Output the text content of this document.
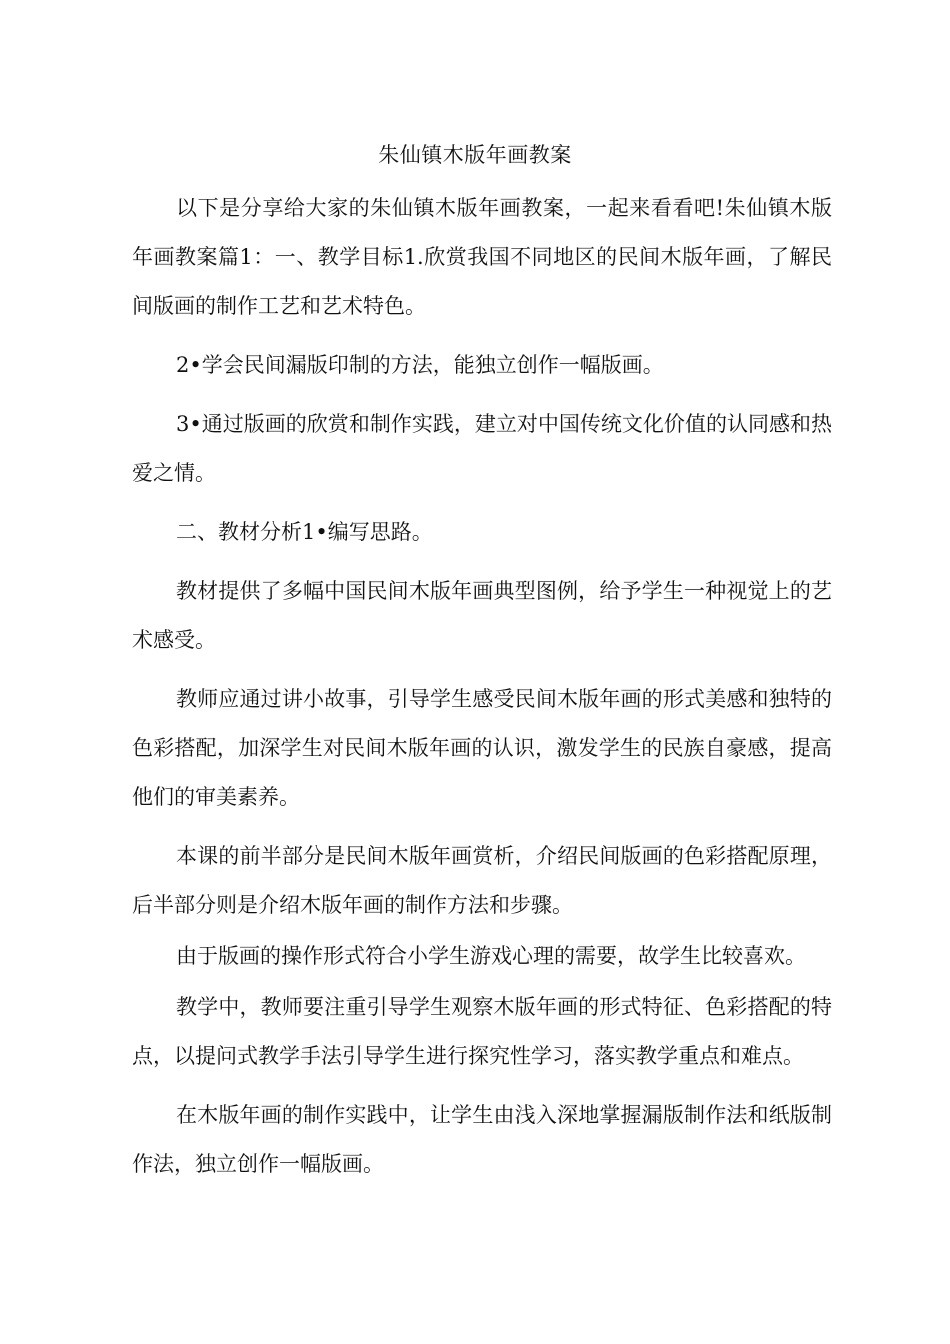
朱仙镇木版年画教案

以下是分享给大家的朱仙镇木版年画教案，一起来看看吧!朱仙镇木版年画教案篇1：一、教学目标1.欣赏我国不同地区的民间木版年画，了解民间版画的制作工艺和艺术特色。

2•学会民间漏版印制的方法，能独立创作一幅版画。

3•通过版画的欣赏和制作实践，建立对中国传统文化价值的认同感和热爱之情。

二、教材分析1•编写思路。

教材提供了多幅中国民间木版年画典型图例，给予学生一种视觉上的艺术感受。

教师应通过讲小故事，引导学生感受民间木版年画的形式美感和独特的色彩搭配，加深学生对民间木版年画的认识，激发学生的民族自豪感，提高他们的审美素养。

本课的前半部分是民间木版年画赏析，介绍民间版画的色彩搭配原理，后半部分则是介绍木版年画的制作方法和步骤。

由于版画的操作形式符合小学生游戏心理的需要，故学生比较喜欢。

教学中，教师要注重引导学生观察木版年画的形式特征、色彩搭配的特点，以提问式教学手法引导学生进行探究性学习，落实教学重点和难点。

在木版年画的制作实践中，让学生由浅入深地掌握漏版制作法和纸版制作法，独立创作一幅版画。
